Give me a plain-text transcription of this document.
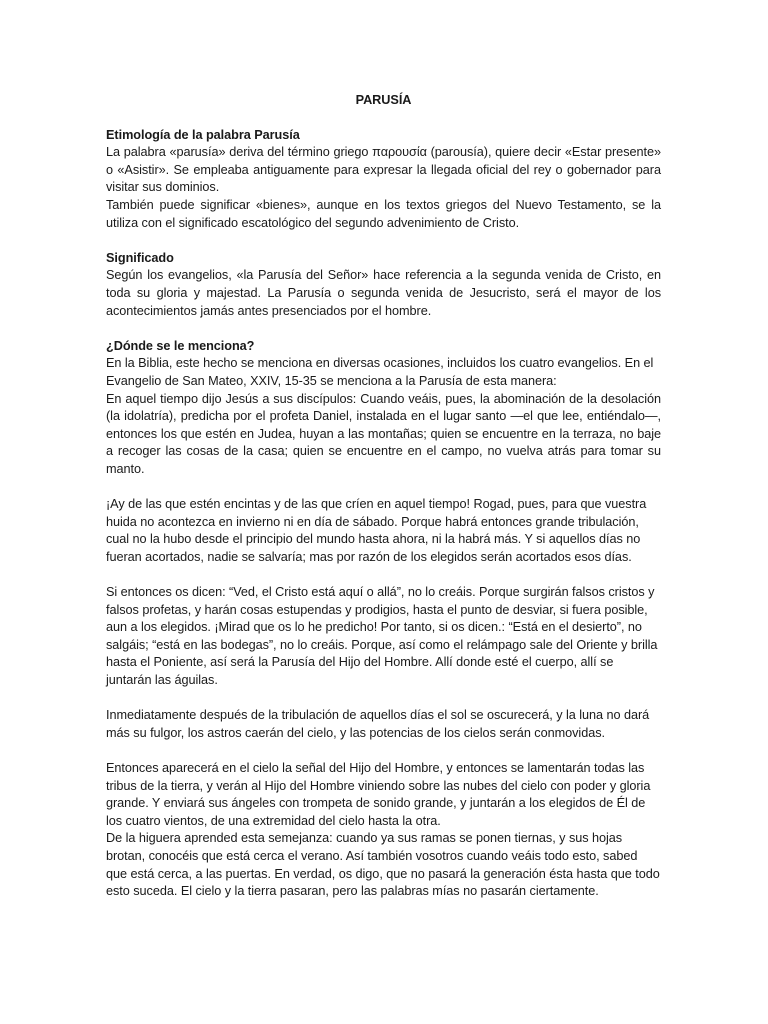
PARUSÍA
Etimología de la palabra Parusía

La palabra «parusía» deriva del término griego παρουσία (parousía), quiere decir «Estar presente» o «Asistir». Se empleaba antiguamente para expresar la llegada oficial del rey o gobernador para visitar sus dominios.

También puede significar «bienes», aunque en los textos griegos del Nuevo Testamento, se la utiliza con el significado escatológico del segundo advenimiento de Cristo.

Significado

Según los evangelios, «la Parusía del Señor» hace referencia a la segunda venida de Cristo, en toda su gloria y majestad. La Parusía o segunda venida de Jesucristo, será el mayor de los acontecimientos jamás antes presenciados por el hombre.

¿Dónde se le menciona?

En la Biblia, este hecho se menciona en diversas ocasiones, incluidos los cuatro evangelios. En el Evangelio de San Mateo, XXIV, 15-35 se menciona a la Parusía de esta manera:

En aquel tiempo dijo Jesús a sus discípulos: Cuando veáis, pues, la abominación de la desolación (la idolatría), predicha por el profeta Daniel, instalada en el lugar santo —el que lee, entiéndalo—, entonces los que estén en Judea, huyan a las montañas; quien se encuentre en la terraza, no baje a recoger las cosas de la casa; quien se encuentre en el campo, no vuelva atrás para tomar su manto.

¡Ay de las que estén encintas y de las que críen en aquel tiempo! Rogad, pues, para que vuestra huida no acontezca en invierno ni en día de sábado. Porque habrá entonces grande tribulación, cual no la hubo desde el principio del mundo hasta ahora, ni la habrá más. Y si aquellos días no fueran acortados, nadie se salvaría; mas por razón de los elegidos serán acortados esos días.

Si entonces os dicen: “Ved, el Cristo está aquí o allá”, no lo creáis. Porque surgirán falsos cristos y falsos profetas, y harán cosas estupendas y prodigios, hasta el punto de desviar, si fuera posible, aun a los elegidos. ¡Mirad que os lo he predicho! Por tanto, si os dicen.: “Está en el desierto”, no salgáis; “está en las bodegas”, no lo creáis. Porque, así como el relámpago sale del Oriente y brilla hasta el Poniente, así será la Parusía del Hijo del Hombre. Allí donde esté el cuerpo, allí se juntarán las águilas.

Inmediatamente después de la tribulación de aquellos días el sol se oscurecerá, y la luna no dará más su fulgor, los astros caerán del cielo, y las potencias de los cielos serán conmovidas.

Entonces aparecerá en el cielo la señal del Hijo del Hombre, y entonces se lamentarán todas las tribus de la tierra, y verán al Hijo del Hombre viniendo sobre las nubes del cielo con poder y gloria grande. Y enviará sus ángeles con trompeta de sonido grande, y juntarán a los elegidos de Él de los cuatro vientos, de una extremidad del cielo hasta la otra.

De la higuera aprended esta semejanza: cuando ya sus ramas se ponen tiernas, y sus hojas brotan, conocéis que está cerca el verano. Así también vosotros cuando veáis todo esto, sabed que está cerca, a las puertas. En verdad, os digo, que no pasará la generación ésta hasta que todo esto suceda. El cielo y la tierra pasaran, pero las palabras mías no pasarán ciertamente.
